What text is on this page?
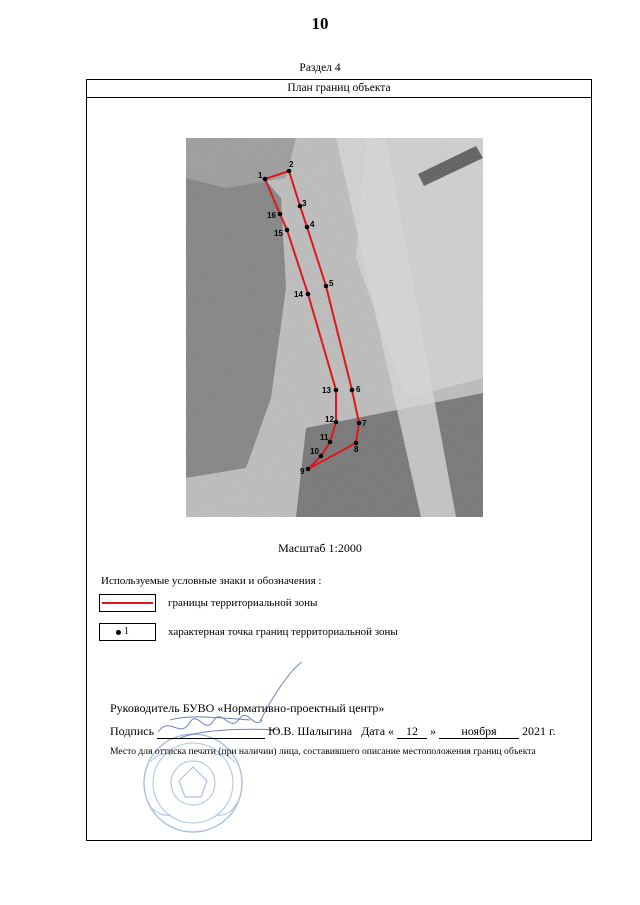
10
Раздел 4
План границ объекта
1
2
3
4
5
6
7
8
9
10
11
12
13
14
15
16
Масштаб 1:2000
Используемые условные знаки и обозначения :
границы территориальной зоны
1	характерная точка границ территориальной зоны
Руководитель БУВО «Нормативно-проектный центр»
Подпись	Ю.В. Шалыгина Дата « 12 » ноября 2021 г.
Место для оттиска печати (при наличии) лица, составившего описание местоположения границ объекта
